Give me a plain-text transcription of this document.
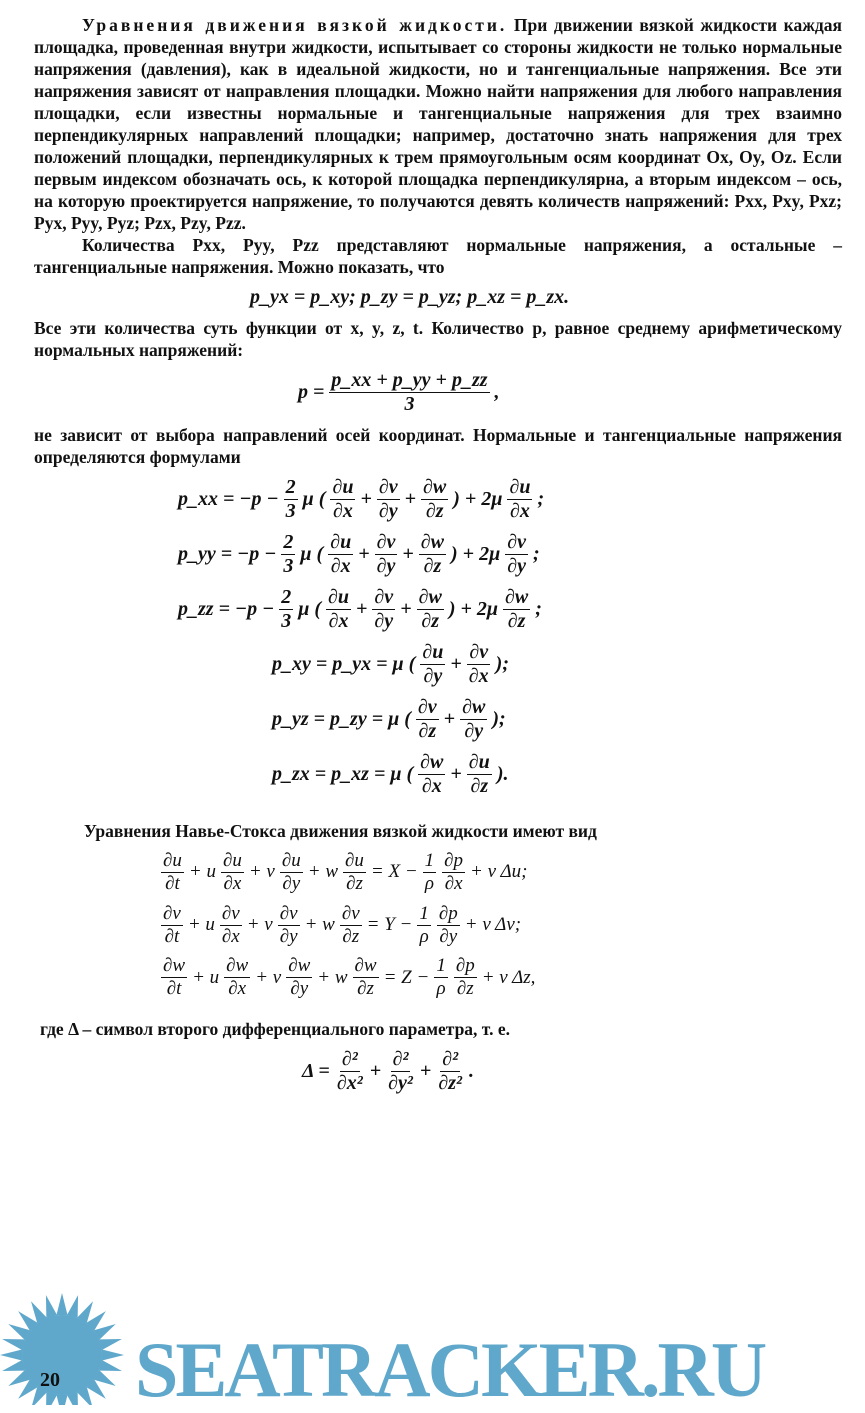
Уравнения движения вязкой жидкости. При движении вязкой жидкости каждая площадка, проведенная внутри жидкости, испытывает со стороны жидкости не только нормальные напряжения (давления), как в идеальной жидкости, но и тангенциальные напряжения. Все эти напряжения зависят от направления площадки. Можно найти напряжения для любого направления площадки, если известны нормальные и тангенциальные напряжения для трех взаимно перпендикулярных направлений площадки; например, достаточно знать напряжения для трех положений площадки, перпендикулярных к трем прямоугольным осям координат Ox, Oy, Oz. Если первым индексом обозначать ось, к которой площадка перпендикулярна, а вторым индексом – ось, на которую проектируется напряжение, то получаются девять количеств напряжений: Pxx, Pxy, Pxz; Pyx, Pyy, Pyz; Pzx, Pzy, Pzz.

Количества Pxx, Pyy, Pzz представляют нормальные напряжения, а остальные – тангенциальные напряжения. Можно показать, что

p_yx = p_xy; p_zy = p_yz; p_xz = p_zx.

Все эти количества суть функции от x, y, z, t. Количество p, равное среднему арифметическому нормальных напряжений:

$p = \frac{p\_xx + p\_yy + p\_zz}{3}$ ,

не зависит от выбора направлений осей координат. Нормальные и тангенциальные напряжения определяются формулами

p_xx = $-p - \frac{2}{3}$ μ ( $\frac{\partial u}{\partial x} + \frac{\partial v}{\partial y} + \frac{\partial w}{\partial z}$ ) + $2\mu \frac{\partial u}{\partial x}$ ;
p_yy = $-p - \frac{2}{3}$ μ ( $\frac{\partial u}{\partial x} + \frac{\partial v}{\partial y} + \frac{\partial w}{\partial z}$ ) + $2\mu \frac{\partial v}{\partial y}$ ;
p_zz = $-p - \frac{2}{3}$ μ ( $\frac{\partial u}{\partial x} + \frac{\partial v}{\partial y} + \frac{\partial w}{\partial z}$ ) + $2\mu \frac{\partial w}{\partial z}$ ;
p_xy = p_yx = μ ( $\frac{\partial u}{\partial y} + \frac{\partial v}{\partial x}$ );
p_yz = p_zy = μ ( $\frac{\partial v}{\partial z} + \frac{\partial w}{\partial y}$ );
p_zx = p_xz = μ ( $\frac{\partial w}{\partial x} + \frac{\partial u}{\partial z}$ ).

Уравнения Навье-Стокса движения вязкой жидкости имеют вид

$\frac{\partial u}{\partial t} + u \frac{\partial u}{\partial x} + v \frac{\partial u}{\partial y} + w \frac{\partial u}{\partial z} = X - \frac{1}{\rho} \frac{\partial p}{\partial x} + \nu$ Δu;
$\frac{\partial v}{\partial t} + u \frac{\partial v}{\partial x} + v \frac{\partial v}{\partial y} + w \frac{\partial v}{\partial z} = Y - \frac{1}{\rho} \frac{\partial p}{\partial y} + \nu$ Δv;
$\frac{\partial w}{\partial t} + u \frac{\partial w}{\partial x} + v \frac{\partial w}{\partial y} + w \frac{\partial w}{\partial z} = Z - \frac{1}{\rho} \frac{\partial p}{\partial z} + \nu$ Δz,

где Δ – символ второго дифференциального параметра, т. е.

Δ =
∂²
∂x²
+
∂²
∂y²
+
∂²
∂z²
.
SEATRACKER.RU
20
